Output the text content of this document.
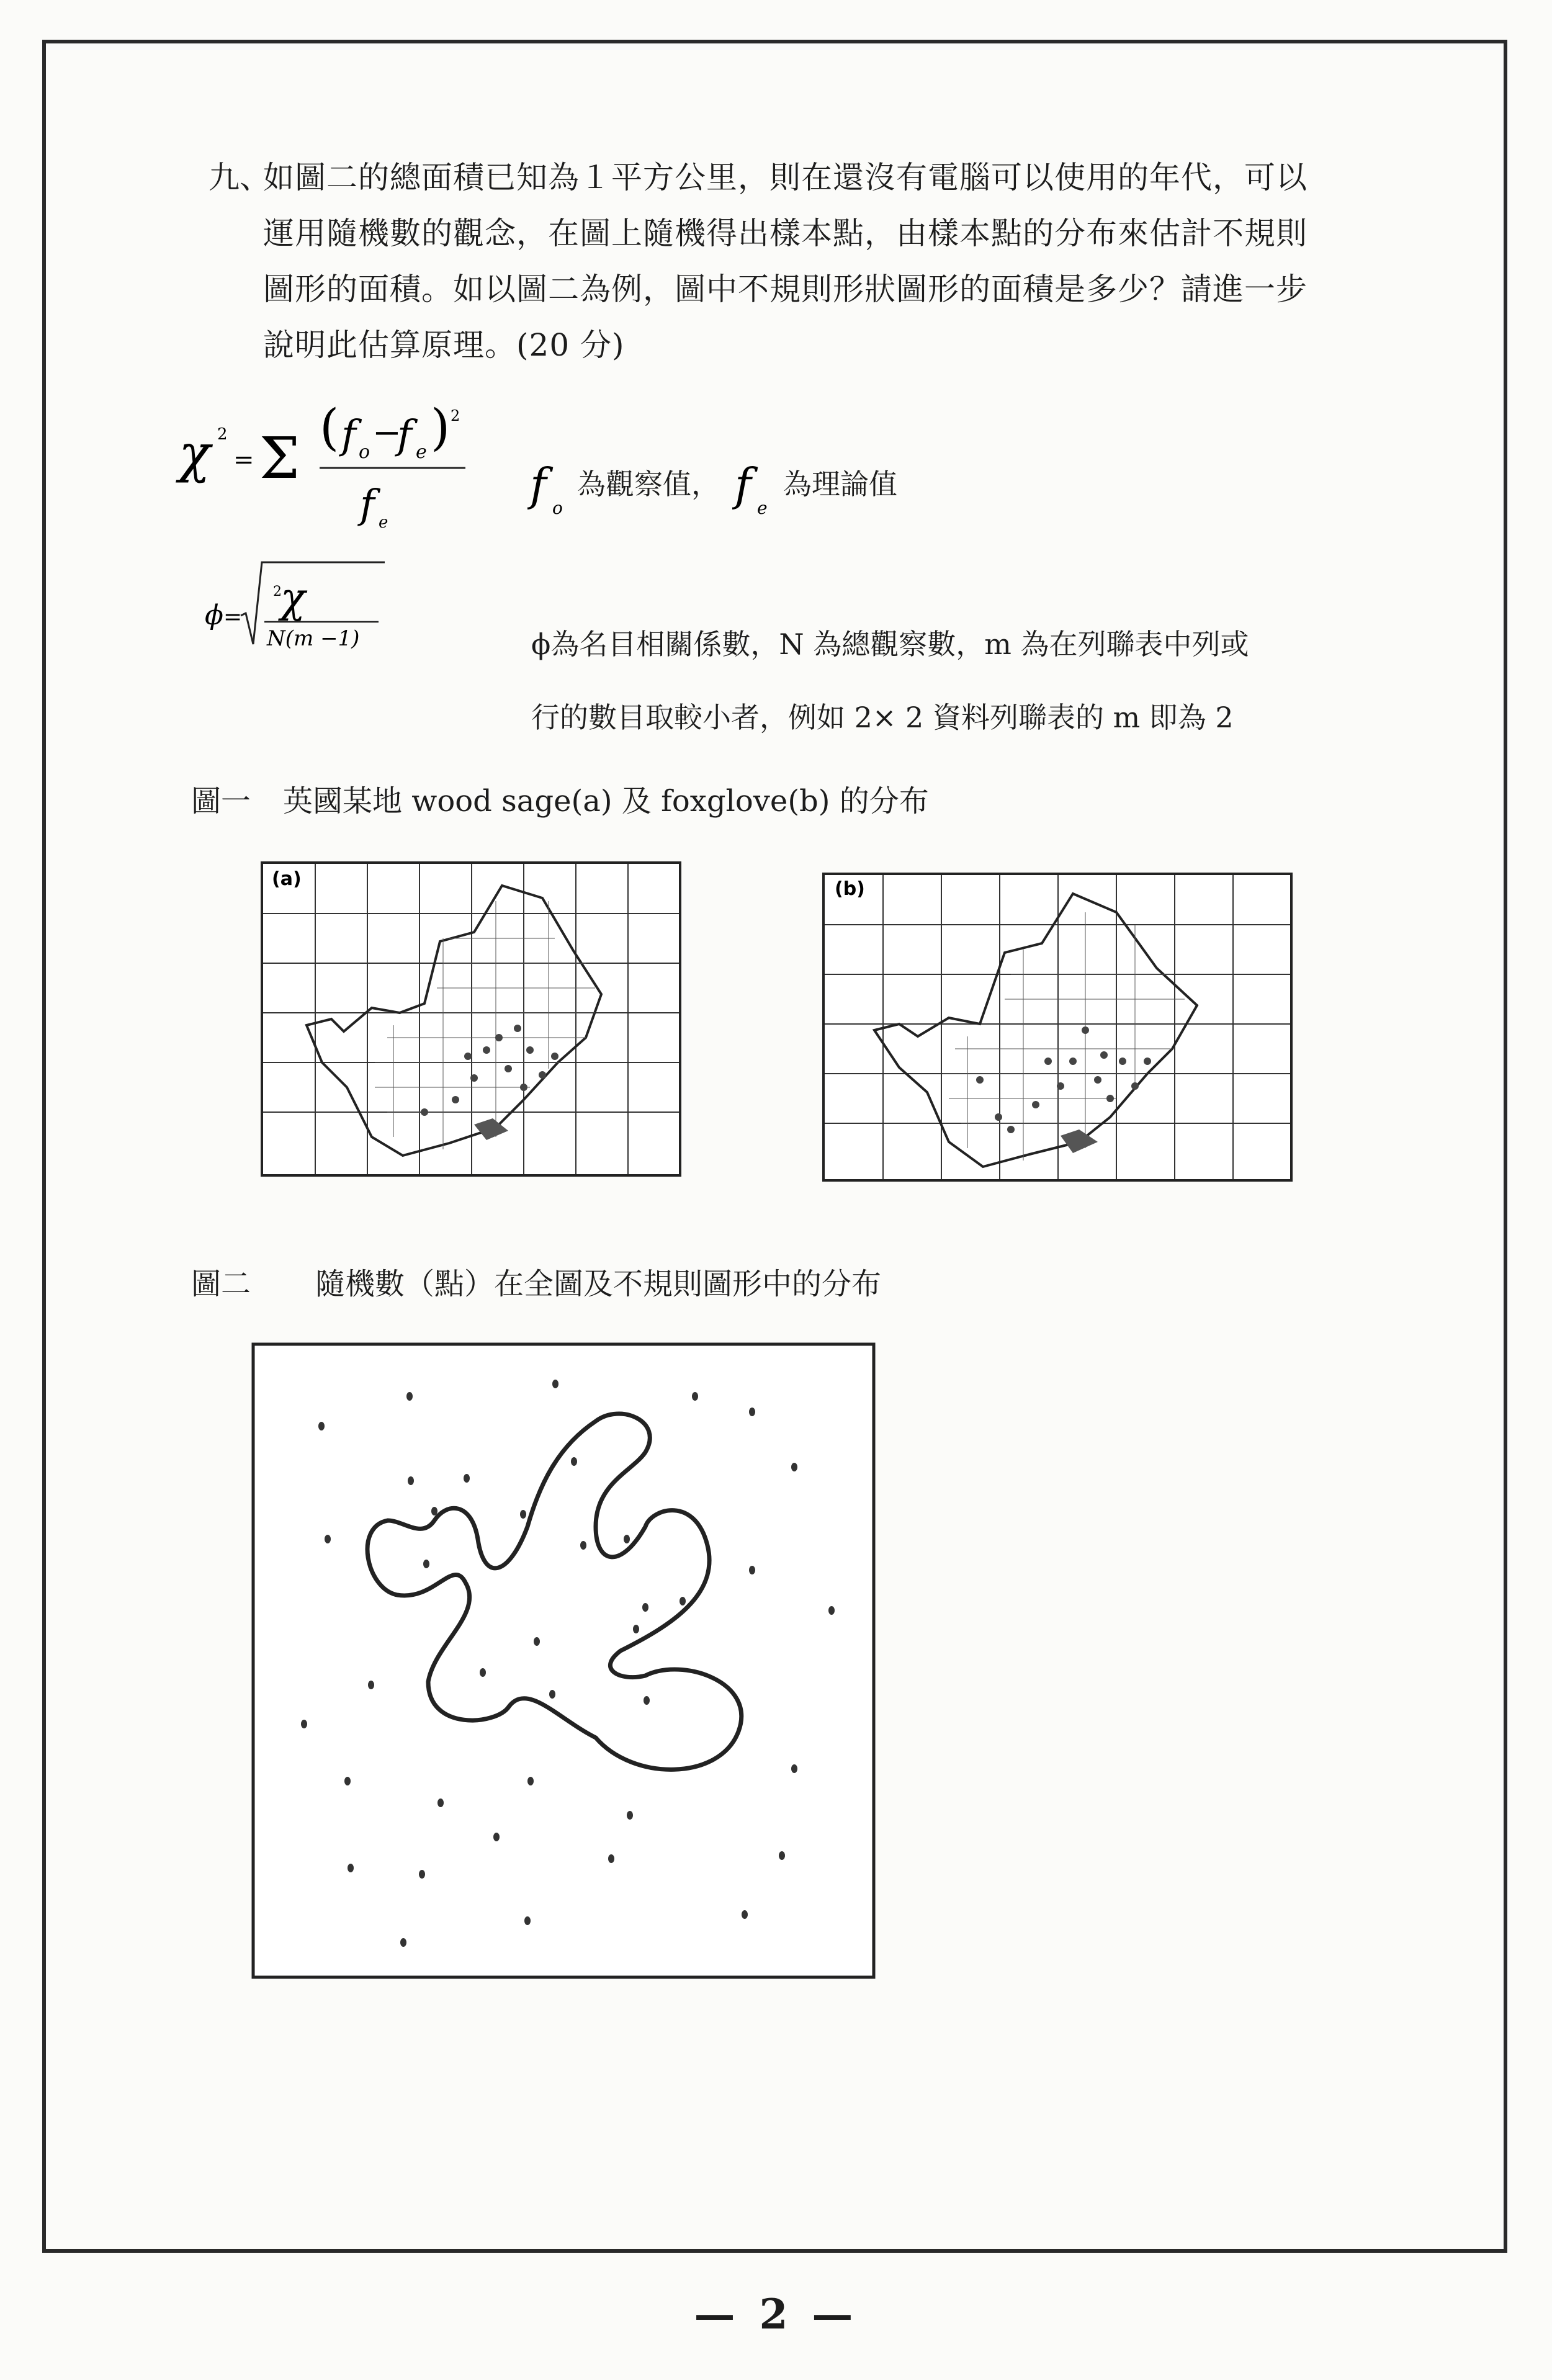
九、
如圖二的總面積已知為１平方公里，則在還沒有電腦可以使用的年代，可以
運用隨機數的觀念，在圖上隨機得出樣本點，由樣本點的分布來估計不規則
圖形的面積。如以圖二為例，圖中不規則形狀圖形的面積是多少？請進一步
說明此估算原理。(20 分)
χ 2
= Σ ( f o −
f e ) 2
f e
f o
為觀察值， f e
為理論值
ϕ =
2
χ
N(m −1)	ϕ為名目相關係數，N 為總觀察數，m 為在列聯表中列或
行的數目取較小者，例如 2× 2 資料列聯表的 m 即為 2
圖一 英國某地 wood sage(a) 及 foxglove(b) 的分布
(a)	(b)
圖二 隨機數（點）在全圖及不規則圖形中的分布
— 2 —
